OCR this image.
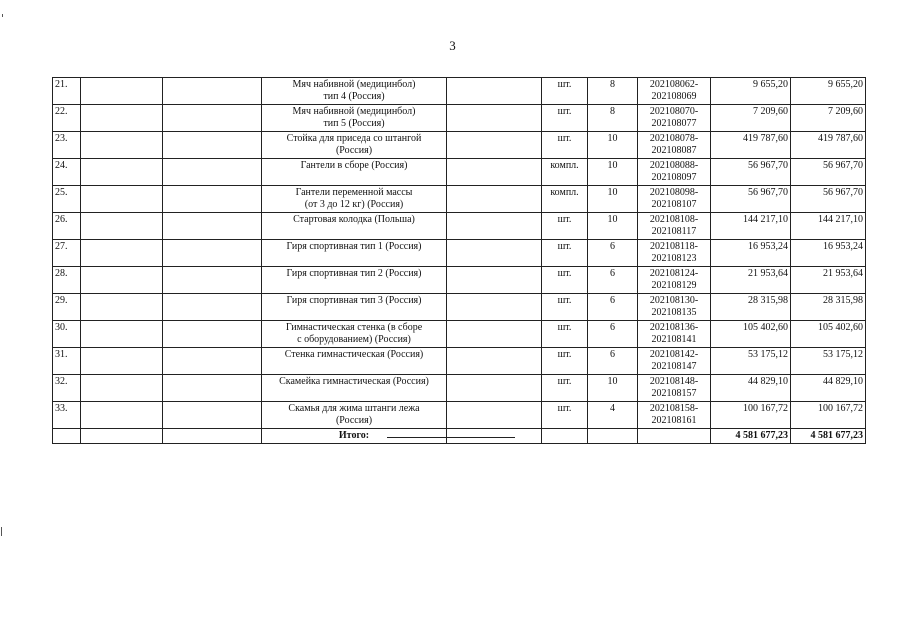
3
21.			Мяч набивной (медицинбол)
тип 4 (Россия)		шт.	8	202108062-
202108069	9 655,20	9 655,20
22.			Мяч набивной (медицинбол)
тип 5 (Россия)		шт.	8	202108070-
202108077	7 209,60	7 209,60
23.			Стойка для приседа со штангой
(Россия)		шт.	10	202108078-
202108087	419 787,60	419 787,60
24.			Гантели в сборе (Россия)		компл.	10	202108088-
202108097	56 967,70	56 967,70
25.			Гантели переменной массы
(от 3 до 12 кг) (Россия)		компл.	10	202108098-
202108107	56 967,70	56 967,70
26.			Стартовая колодка (Польша)		шт.	10	202108108-
202108117	144 217,10	144 217,10
27.			Гиря спортивная тип 1 (Россия)		шт.	6	202108118-
202108123	16 953,24	16 953,24
28.			Гиря спортивная тип 2 (Россия)		шт.	6	202108124-
202108129	21 953,64	21 953,64
29.			Гиря спортивная тип 3 (Россия)		шт.	6	202108130-
202108135	28 315,98	28 315,98
30.			Гимнастическая стенка (в сборе
с оборудованием) (Россия)		шт.	6	202108136-
202108141	105 402,60	105 402,60
31.			Стенка гимнастическая (Россия)		шт.	6	202108142-
202108147	53 175,12	53 175,12
32.			Скамейка гимнастическая (Россия)		шт.	10	202108148-
202108157	44 829,10	44 829,10
33.			Скамья для жима штанги лежа
(Россия)		шт.	4	202108158-
202108161	100 167,72	100 167,72
			Итого:					4 581 677,23	4 581 677,23
